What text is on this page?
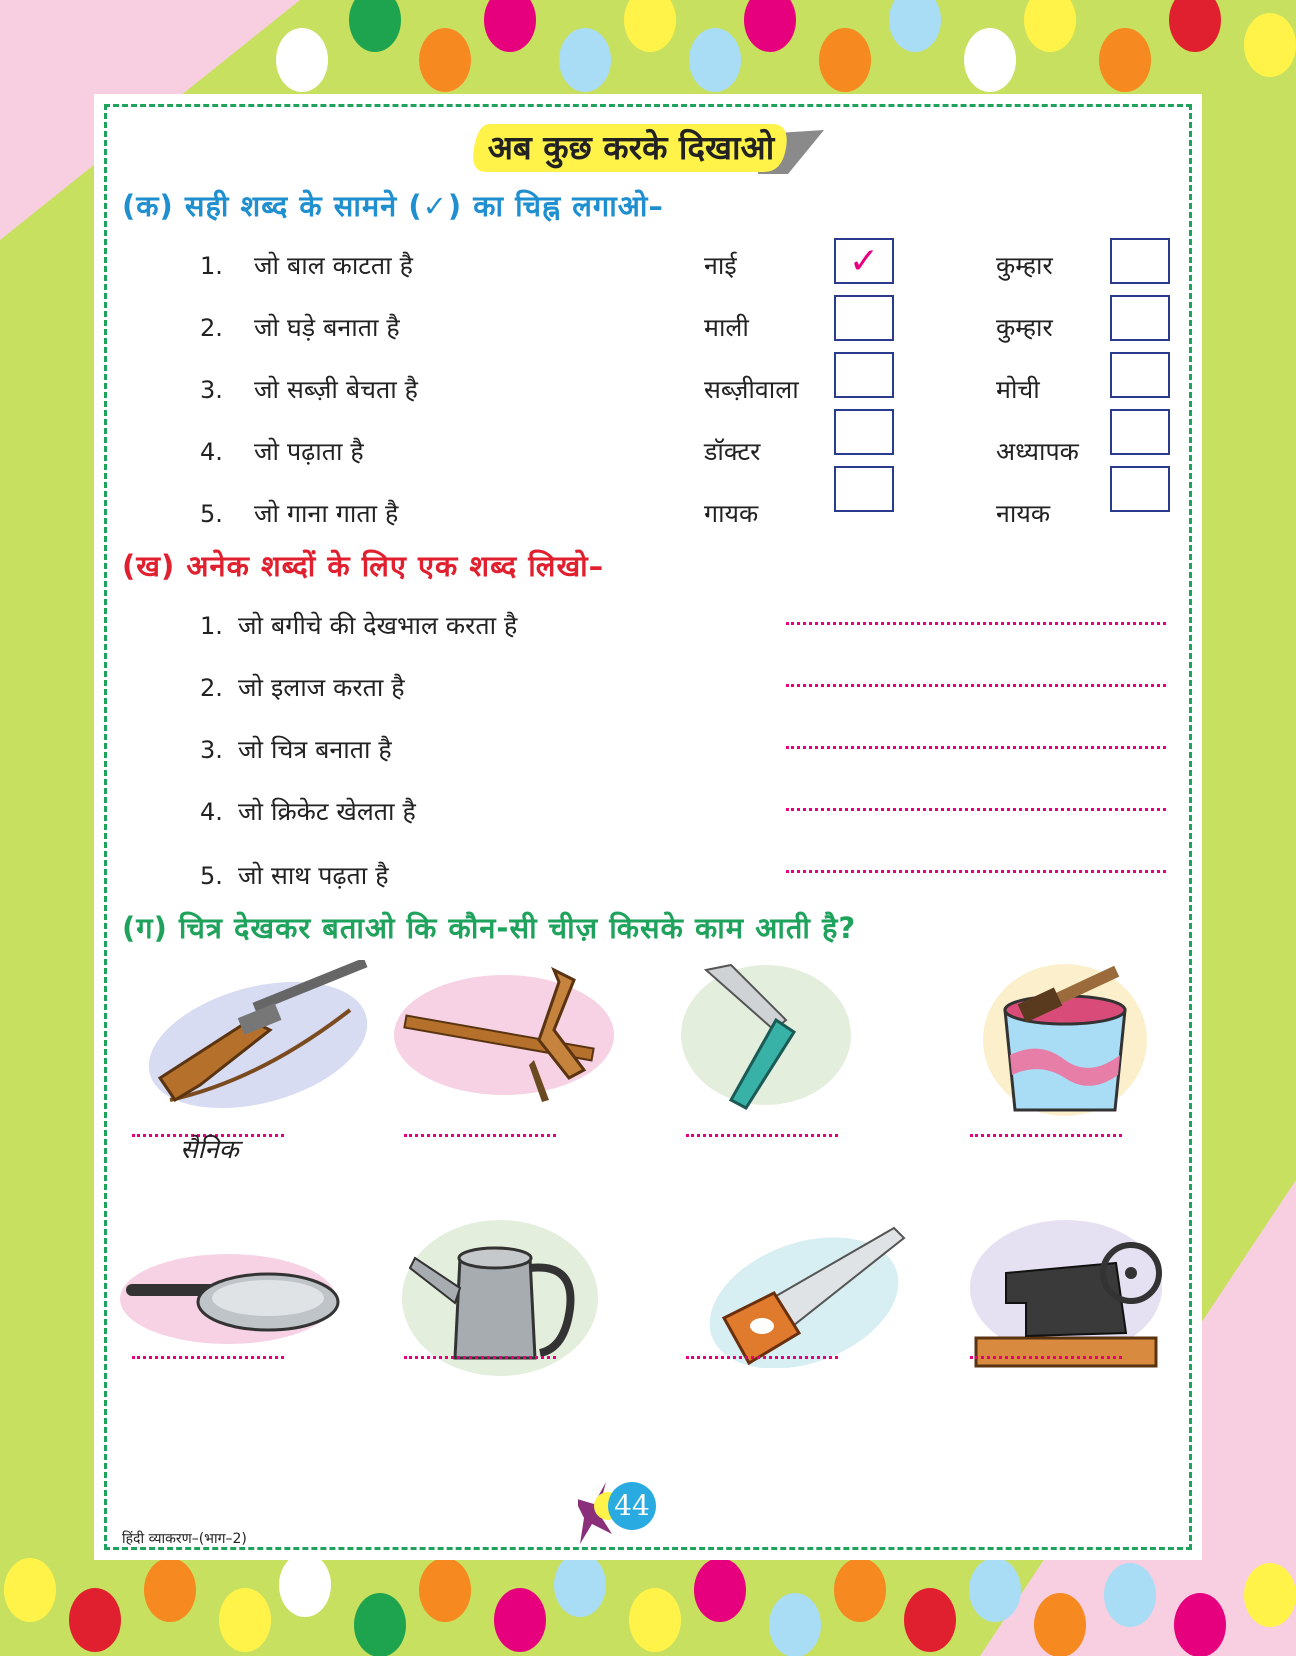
अब कुछ करके दिखाओ
(क) सही शब्द के सामने (✓) का चिह्न लगाओ–
1. जो बाल काटता है	नाई	✓	कुम्हार
2. जो घड़े बनाता है	माली	कुम्हार
3. जो सब्ज़ी बेचता है	सब्ज़ीवाला	मोची
4. जो पढ़ाता है	डॉक्टर	अध्यापक
5. जो गाना गाता है	गायक	नायक
(ख) अनेक शब्दों के लिए एक शब्द लिखो–
1. जो बगीचे की देखभाल करता है
2. जो इलाज करता है
3. जो चित्र बनाता है
4. जो क्रिकेट खेलता है
5. जो साथ पढ़ता है
(ग) चित्र देखकर बताओ कि कौन-सी चीज़ किसके काम आती है?
सैनिक
हिंदी व्याकरण–(भाग–2)
44
